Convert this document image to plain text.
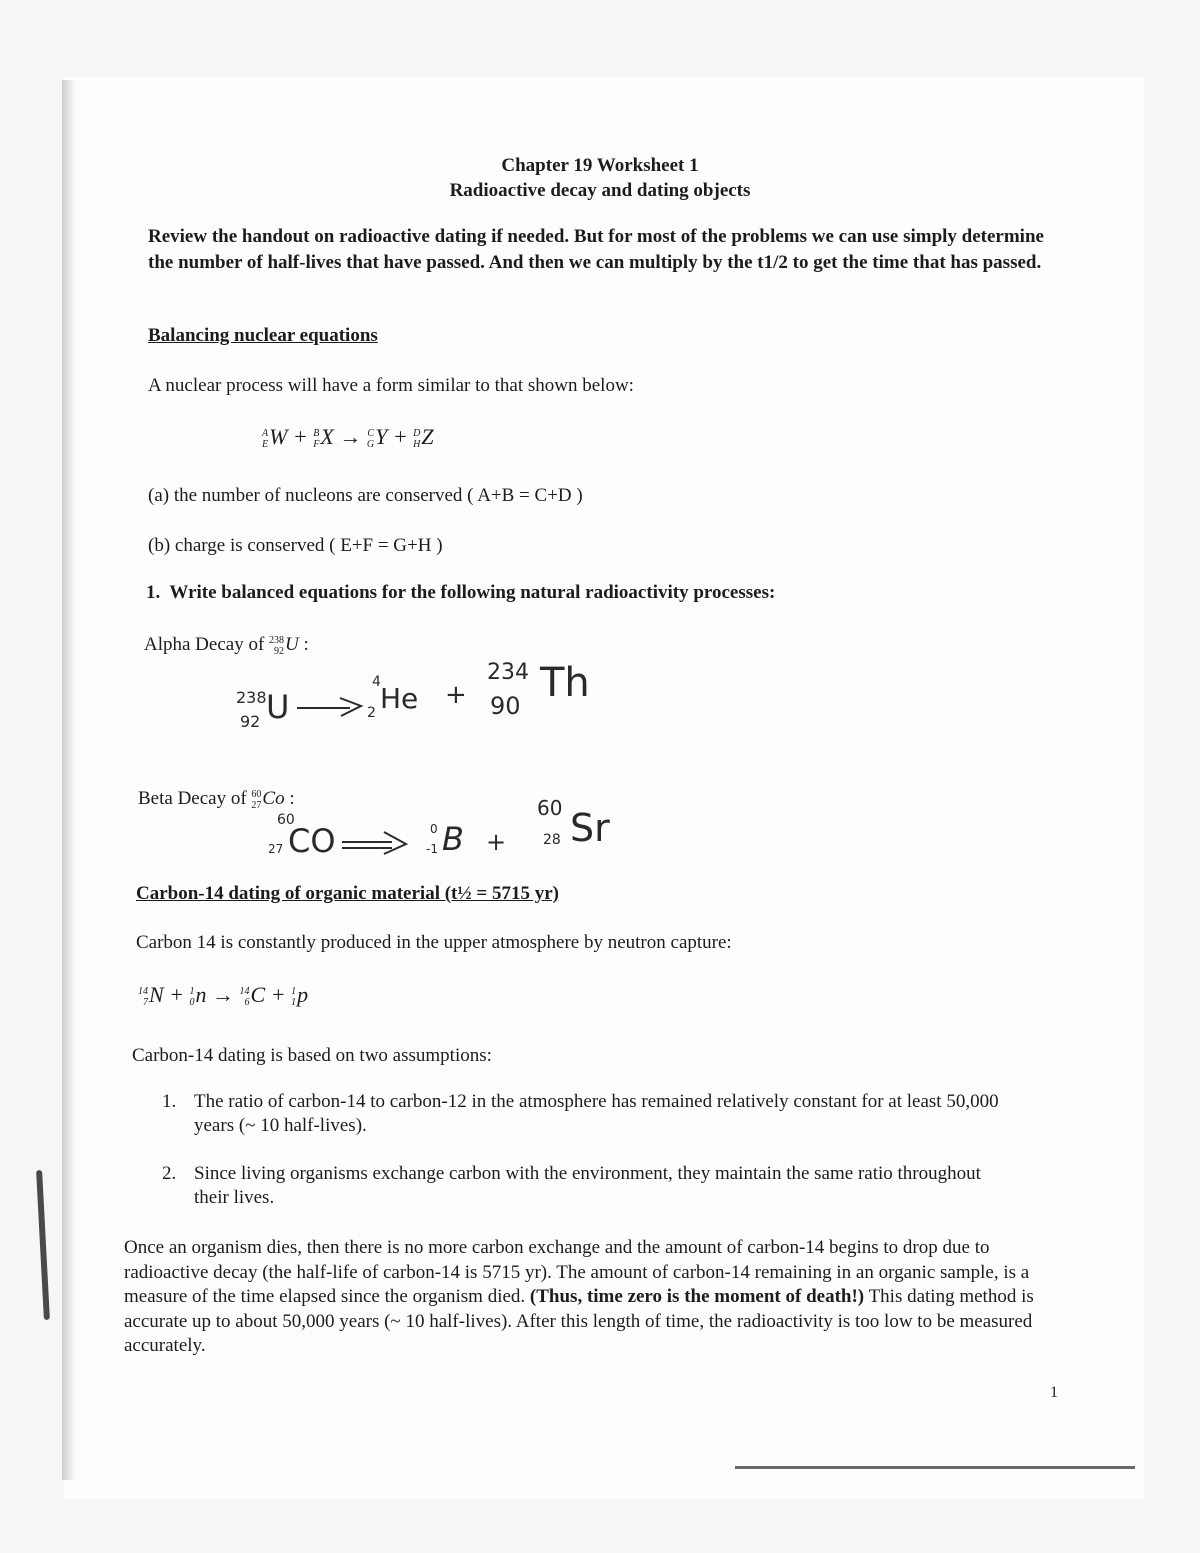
Chapter 19 Worksheet 1
Radioactive decay and dating objects
Review the handout on radioactive dating if needed. But for most of the problems we can use simply determine the number of half-lives that have passed. And then we can multiply by the t1/2 to get the time that has passed.
Balancing nuclear equations
A nuclear process will have a form similar to that shown below:
A
E W + B
F X → C
G Y + D
H Z
(a) the number of nucleons are conserved ( A+B = C+D )
(b) charge is conserved ( E+F = G+H )
1. Write balanced equations for the following natural radioactivity processes:
Alpha Decay of 238
92 U :
238
92 U
4
2 He +
234
90 Th
Beta Decay of 60
27 Co :
60
27 CO	0
-1 B +
60
28 Sr
Carbon-14 dating of organic material (t½ = 5715 yr)
Carbon 14 is constantly produced in the upper atmosphere by neutron capture:
14
7 N + 1
0 n → 14
6 C + 1
1 p
Carbon-14 dating is based on two assumptions:
1. The ratio of carbon-14 to carbon-12 in the atmosphere has remained relatively constant for at least 50,000 years (~ 10 half-lives).
2. Since living organisms exchange carbon with the environment, they maintain the same ratio throughout their lives.
Once an organism dies, then there is no more carbon exchange and the amount of carbon-14 begins to drop due to radioactive decay (the half-life of carbon-14 is 5715 yr). The amount of carbon-14 remaining in an organic sample, is a measure of the time elapsed since the organism died. (Thus, time zero is the moment of death!) This dating method is accurate up to about 50,000 years (~ 10 half-lives). After this length of time, the radioactivity is too low to be measured accurately.
1
